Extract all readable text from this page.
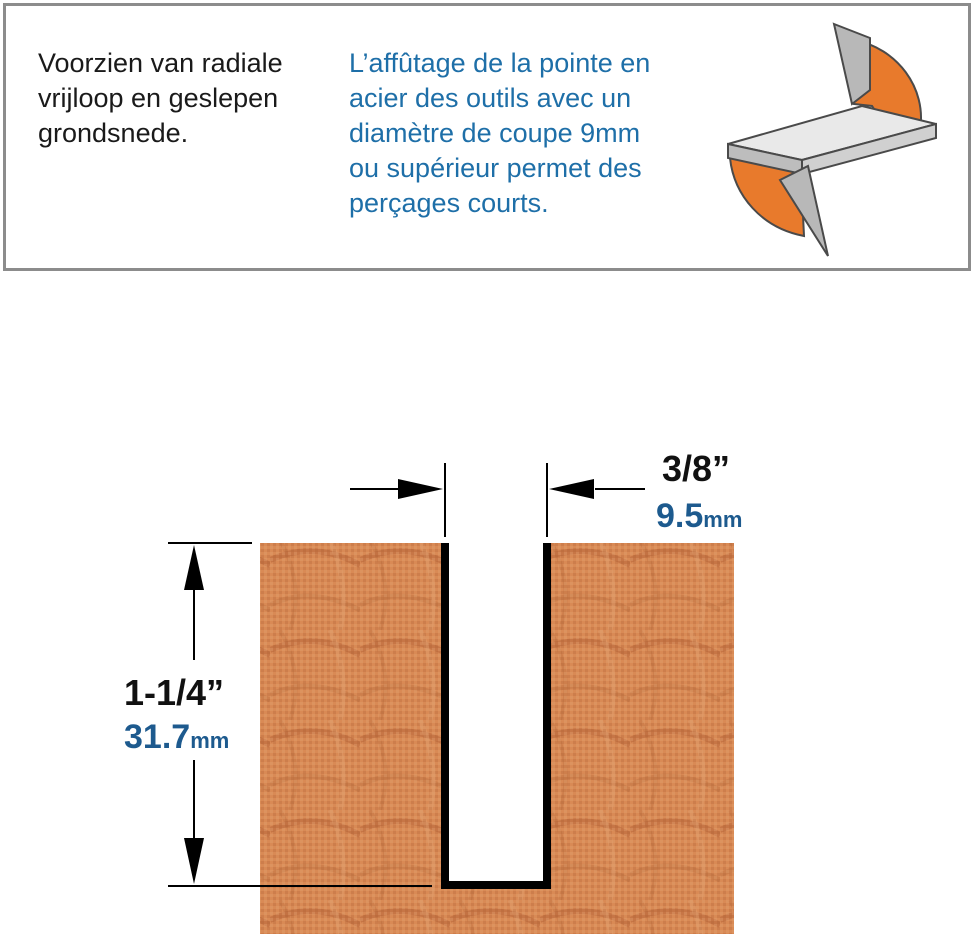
Voorzien van radiale
vrijloop en geslepen
grondsnede.
L’affûtage de la pointe en
acier des outils avec un
diamètre de coupe 9mm
ou supérieur permet des
perçages courts.
3/8”
9.5mm
1-1/4”
31.7mm
